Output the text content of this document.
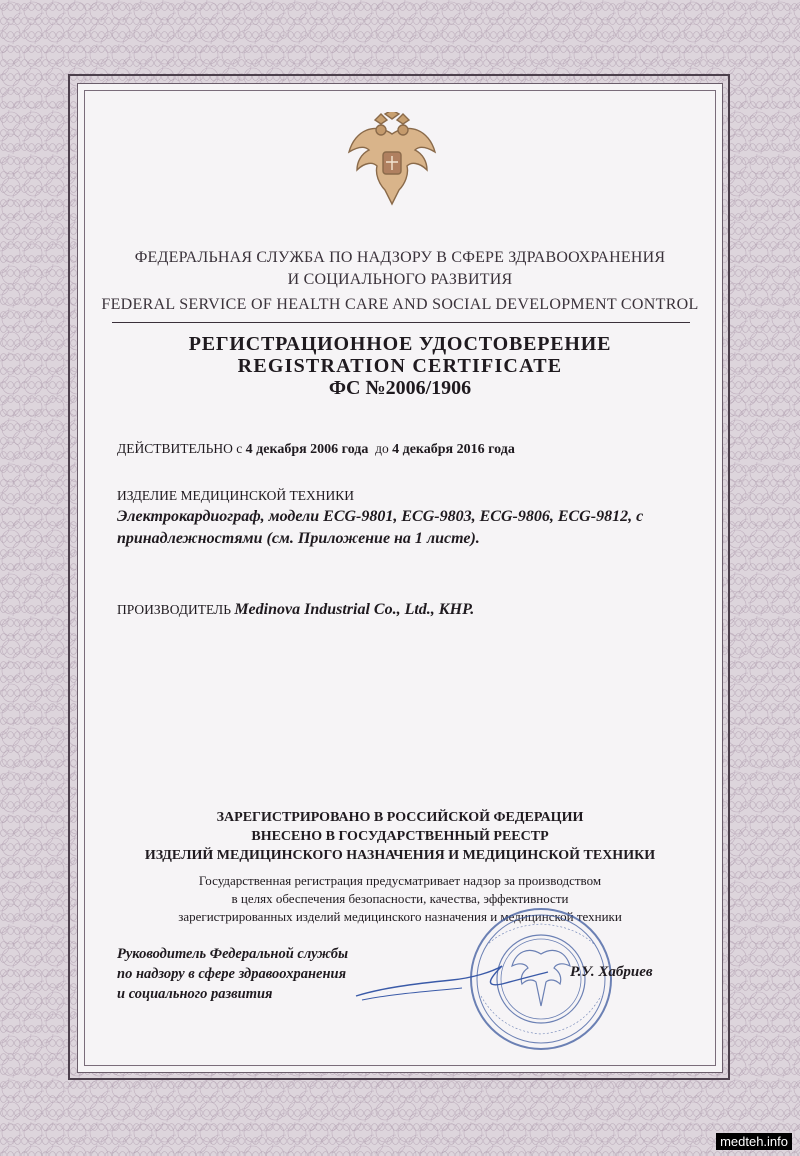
ФЕДЕРАЛЬНАЯ СЛУЖБА ПО НАДЗОРУ В СФЕРЕ ЗДРАВООХРАНЕНИЯ
И СОЦИАЛЬНОГО РАЗВИТИЯ
FEDERAL SERVICE OF HEALTH CARE AND SOCIAL DEVELOPMENT CONTROL
РЕГИСТРАЦИОННОЕ УДОСТОВЕРЕНИЕ
REGISTRATION CERTIFICATE
ФС №2006/1906
ДЕЙСТВИТЕЛЬНО с 4 декабря 2006 года до 4 декабря 2016 года
ИЗДЕЛИЕ МЕДИЦИНСКОЙ ТЕХНИКИ
Электрокардиограф, модели ECG-9801, ECG-9803, ECG-9806, ECG-9812, с принадлежностями (см. Приложение на 1 листе).
ПРОИЗВОДИТЕЛЬ Medinova Industrial Co., Ltd., КНР.
ЗАРЕГИСТРИРОВАНО В РОССИЙСКОЙ ФЕДЕРАЦИИ
ВНЕСЕНО В ГОСУДАРСТВЕННЫЙ РЕЕСТР
ИЗДЕЛИЙ МЕДИЦИНСКОГО НАЗНАЧЕНИЯ И МЕДИЦИНСКОЙ ТЕХНИКИ
Государственная регистрация предусматривает надзор за производством
в целях обеспечения безопасности, качества, эффективности
зарегистрированных изделий медицинского назначения и медицинской техники
Руководитель Федеральной службы
по надзору в сфере здравоохранения
и социального развития
Р.У. Хабриев
medteh.info
